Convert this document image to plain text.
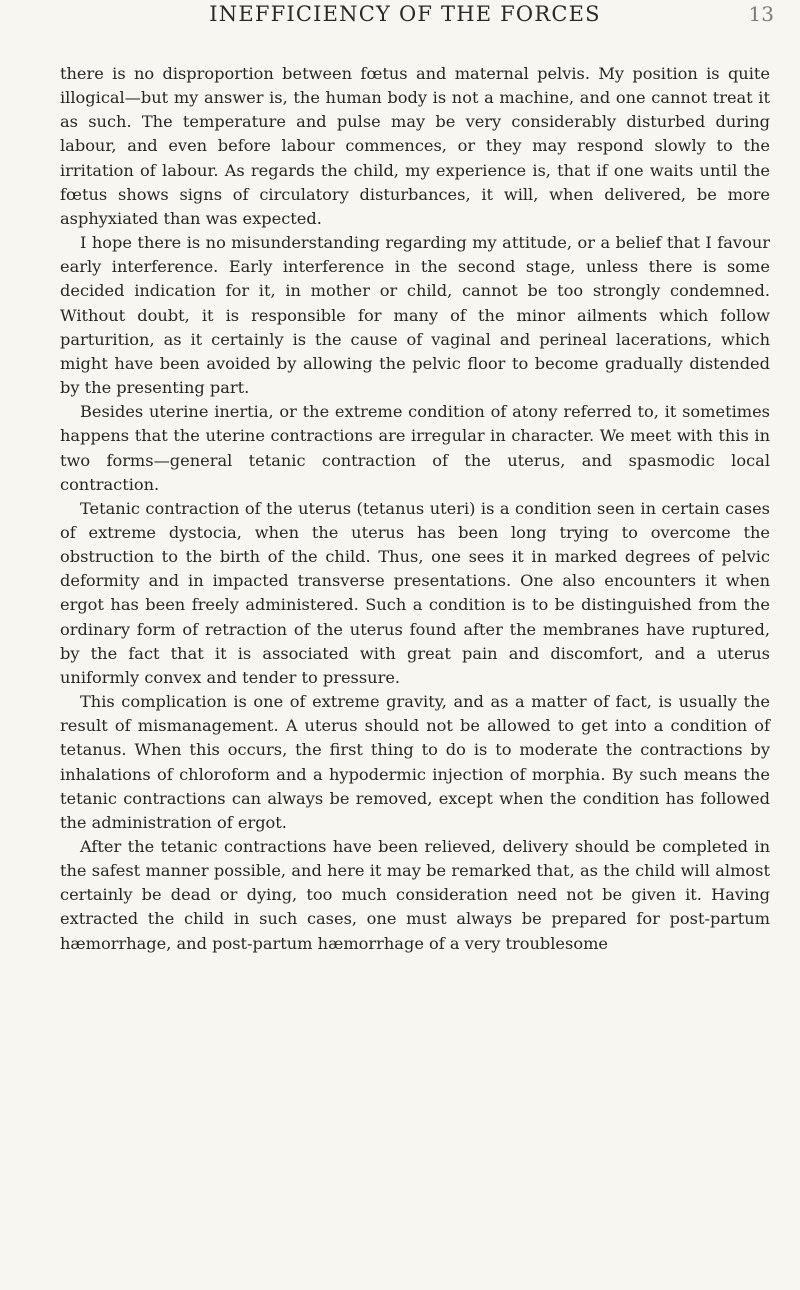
INEFFICIENCY OF THE FORCES	13

there is no disproportion between fœtus and maternal pelvis. My position is quite illogical—but my answer is, the human body is not a machine, and one cannot treat it as such. The temperature and pulse may be very considerably disturbed during labour, and even before labour commences, or they may respond slowly to the irritation of labour. As regards the child, my experience is, that if one waits until the fœtus shows signs of circulatory disturbances, it will, when delivered, be more asphyxiated than was expected.

I hope there is no misunderstanding regarding my attitude, or a belief that I favour early interference. Early interference in the second stage, unless there is some decided indication for it, in mother or child, cannot be too strongly condemned. Without doubt, it is responsible for many of the minor ailments which follow parturition, as it certainly is the cause of vaginal and perineal lacerations, which might have been avoided by allowing the pelvic floor to become gradually distended by the presenting part.

Besides uterine inertia, or the extreme condition of atony referred to, it sometimes happens that the uterine contractions are irregular in character. We meet with this in two forms—general tetanic contraction of the uterus, and spasmodic local contraction.

Tetanic contraction of the uterus (tetanus uteri) is a condition seen in certain cases of extreme dystocia, when the uterus has been long trying to overcome the obstruction to the birth of the child. Thus, one sees it in marked degrees of pelvic deformity and in impacted transverse presentations. One also encounters it when ergot has been freely administered. Such a condition is to be distinguished from the ordinary form of retraction of the uterus found after the membranes have ruptured, by the fact that it is associated with great pain and discomfort, and a uterus uniformly convex and tender to pressure.

This complication is one of extreme gravity, and as a matter of fact, is usually the result of mismanagement. A uterus should not be allowed to get into a condition of tetanus. When this occurs, the first thing to do is to moderate the contractions by inhalations of chloroform and a hypodermic injection of morphia. By such means the tetanic contractions can always be removed, except when the condition has followed the administration of ergot.

After the tetanic contractions have been relieved, delivery should be completed in the safest manner possible, and here it may be remarked that, as the child will almost certainly be dead or dying, too much consideration need not be given it. Having extracted the child in such cases, one must always be prepared for post-partum hæmorrhage, and post-partum hæmorrhage of a very troublesome
